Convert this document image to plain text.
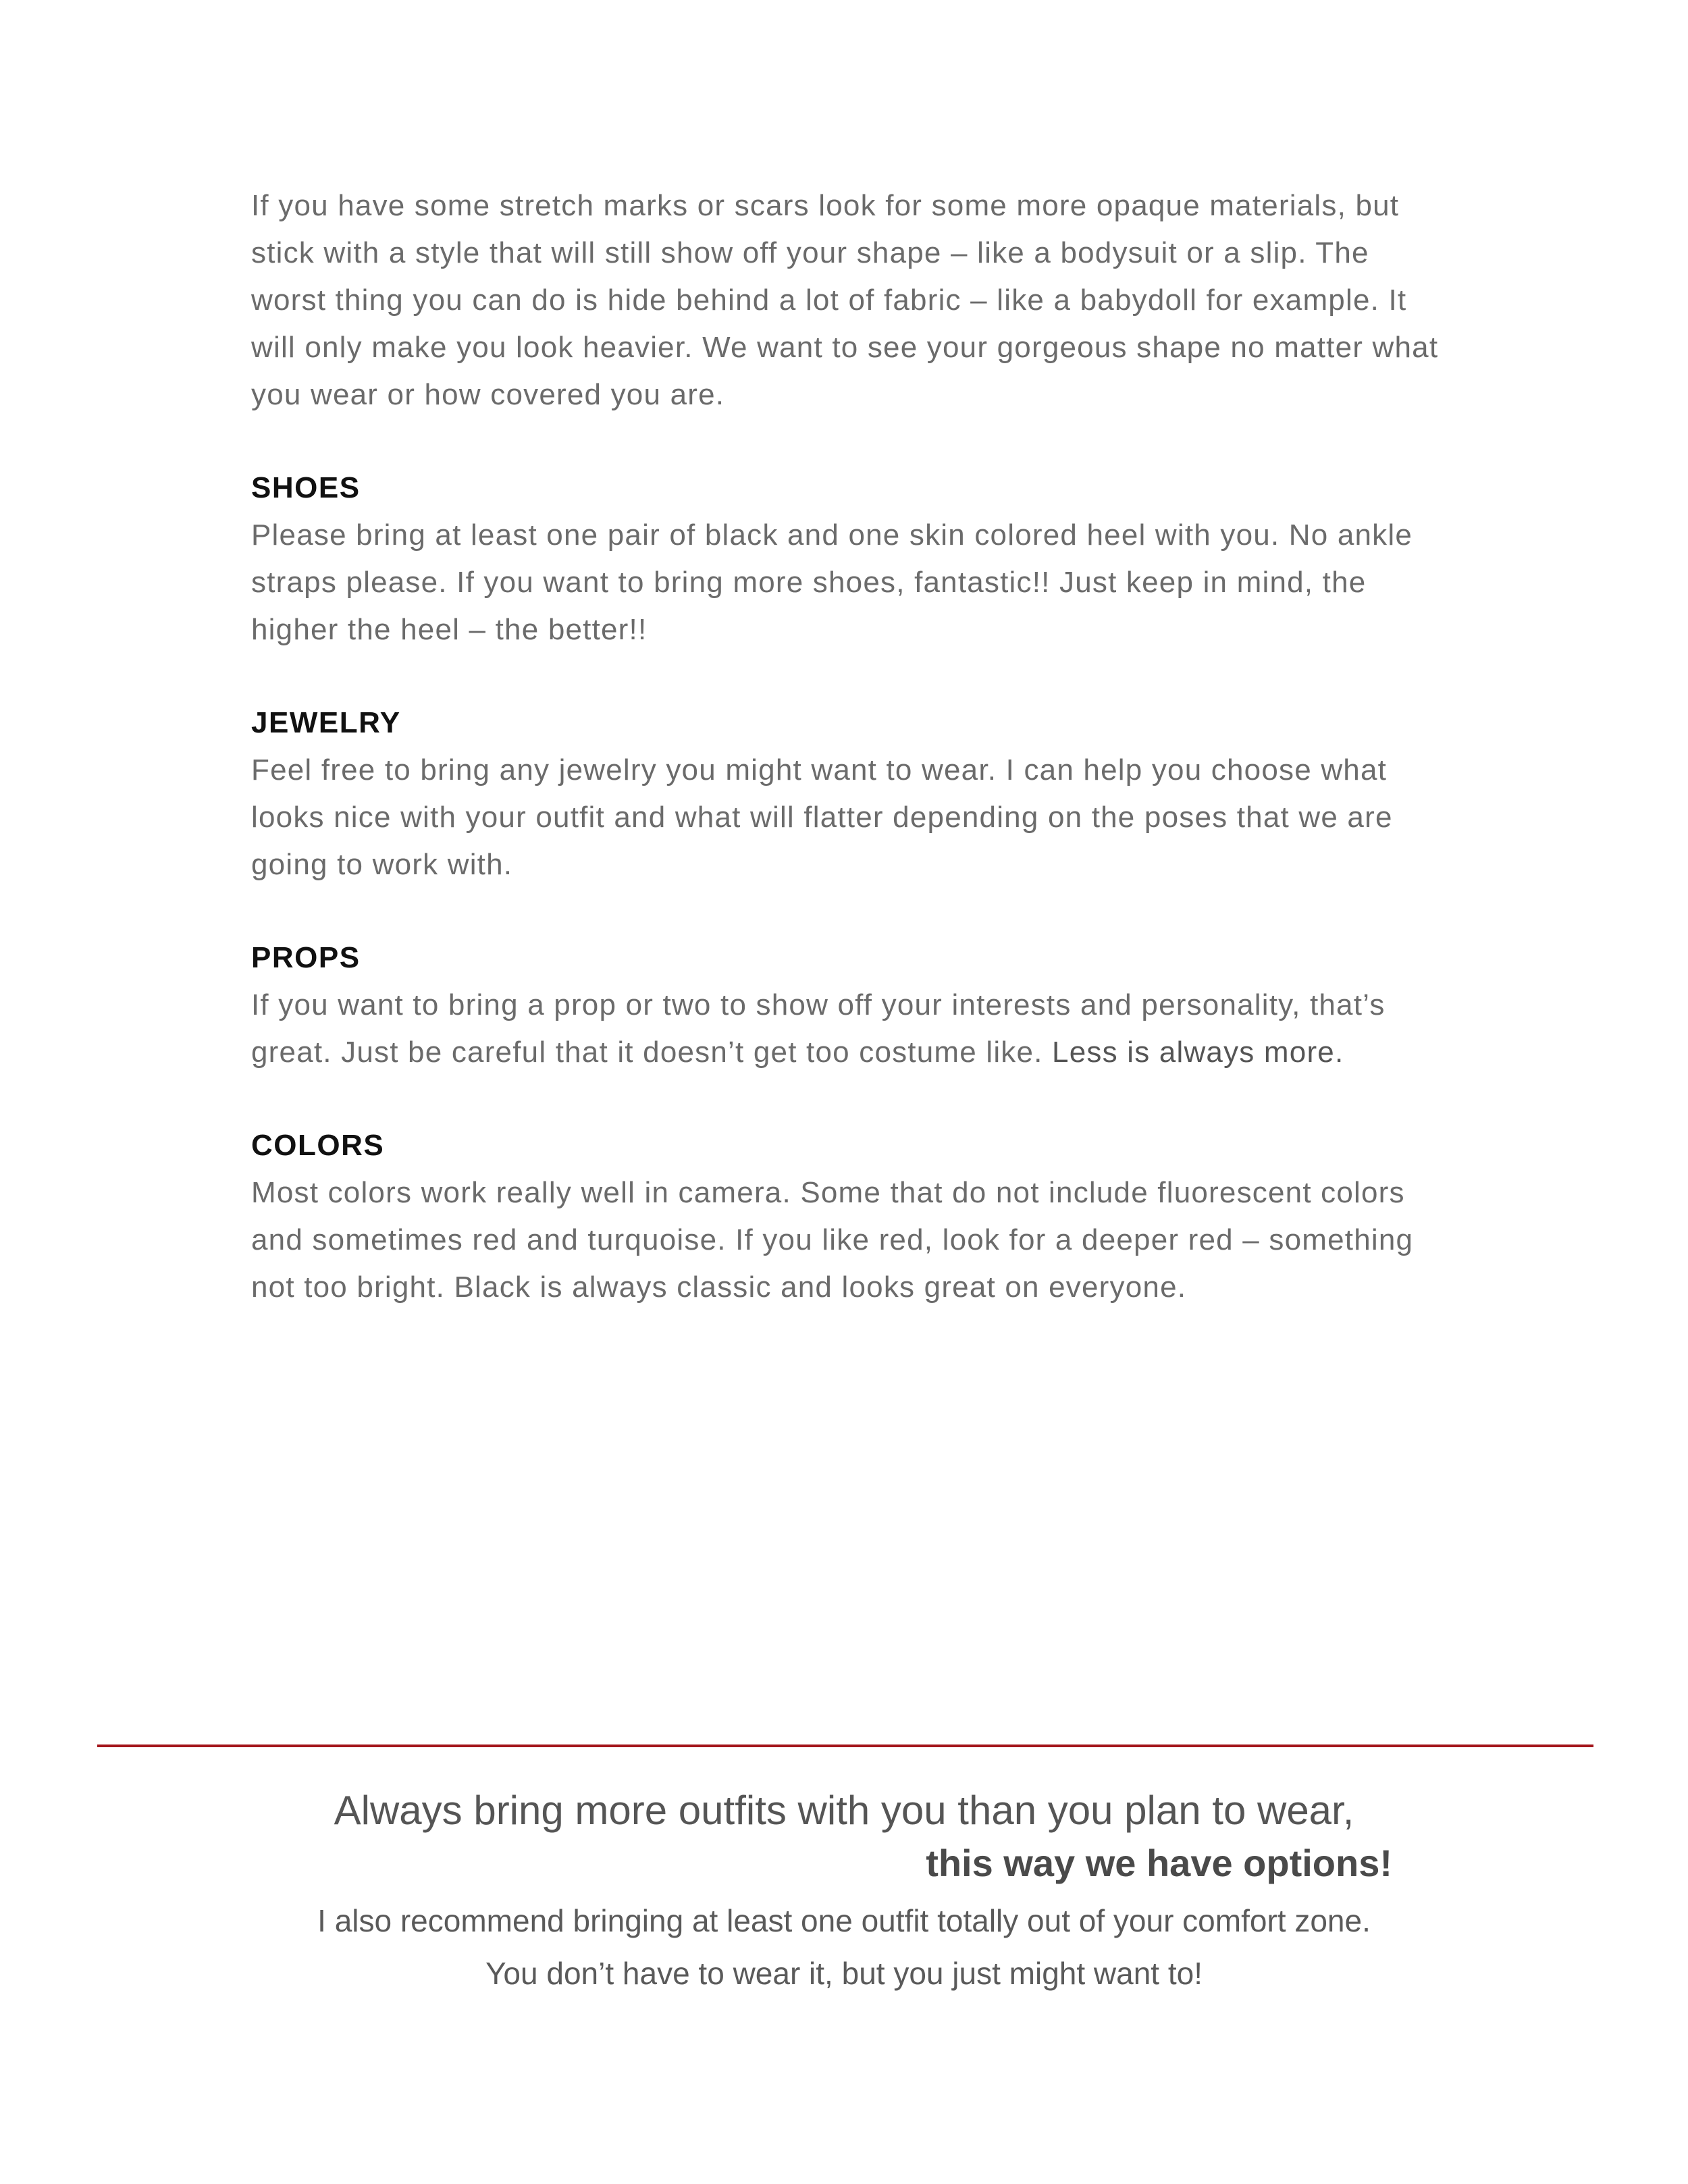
If you have some stretch marks or scars look for some more opaque materials, but stick with a style that will still show off your shape – like a bodysuit or a slip. The worst thing you can do is hide behind a lot of fabric – like a babydoll for example. It will only make you look heavier. We want to see your gorgeous shape no matter what you wear or how covered you are.

SHOES

Please bring at least one pair of black and one skin colored heel with you. No ankle straps please. If you want to bring more shoes, fantastic!! Just keep in mind, the higher the heel – the better!!

JEWELRY

Feel free to bring any jewelry you might want to wear. I can help you choose what looks nice with your outfit and what will flatter depending on the poses that we are going to work with.

PROPS

If you want to bring a prop or two to show off your interests and personality, that’s great. Just be careful that it doesn’t get too costume like. Less is always more.

COLORS

Most colors work really well in camera. Some that do not include fluorescent colors and sometimes red and turquoise. If you like red, look for a deeper red – something not too bright. Black is always classic and looks great on everyone.

Always bring more outfits with you than you plan to wear,
this way we have options!
I also recommend bringing at least one outfit totally out of your comfort zone.
You don’t have to wear it, but you just might want to!
